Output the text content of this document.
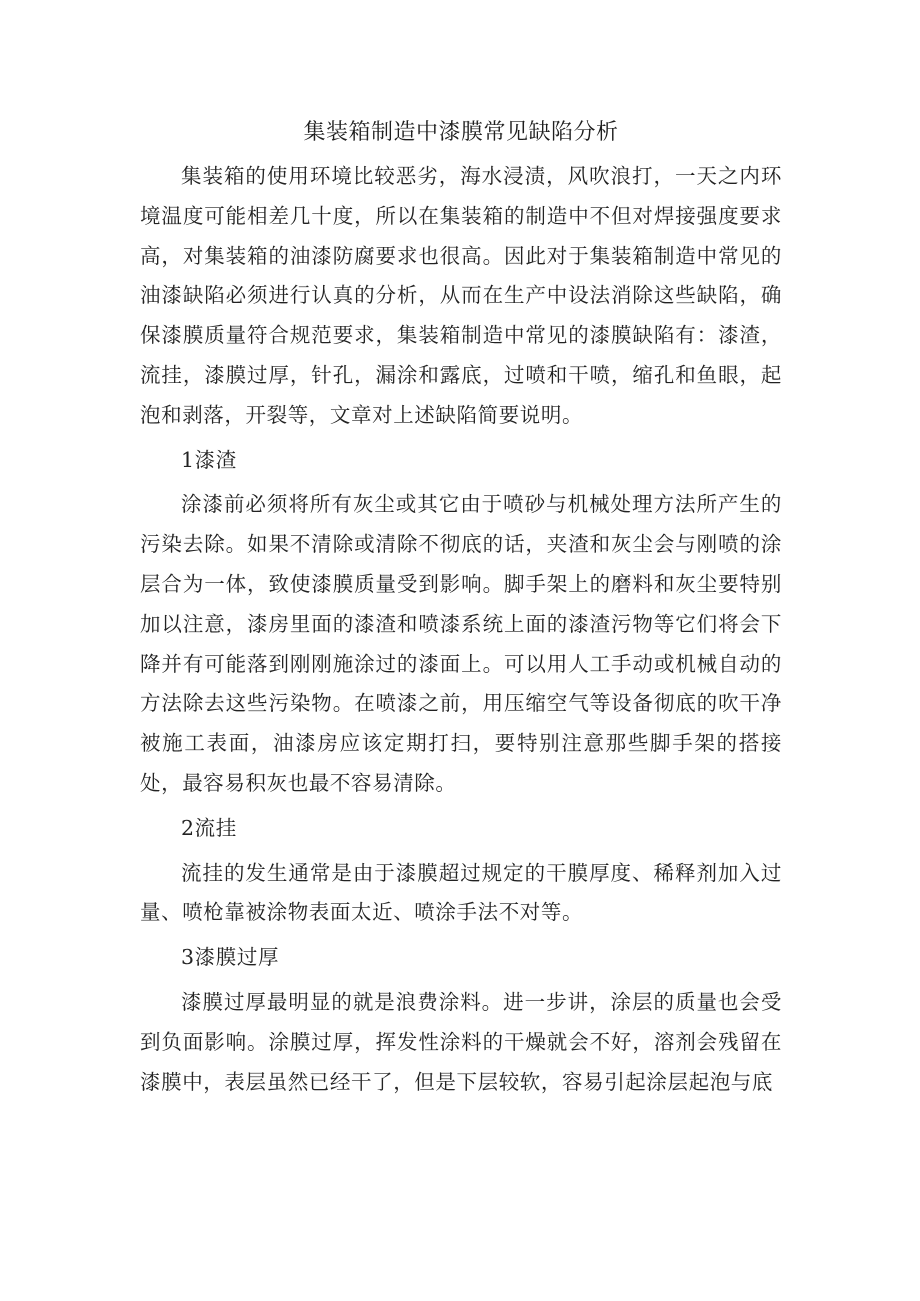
集装箱制造中漆膜常见缺陷分析

集装箱的使用环境比较恶劣，海水浸渍，风吹浪打，一天之内环境温度可能相差几十度，所以在集装箱的制造中不但对焊接强度要求高，对集装箱的油漆防腐要求也很高。因此对于集装箱制造中常见的油漆缺陷必须进行认真的分析，从而在生产中设法消除这些缺陷，确保漆膜质量符合规范要求，集装箱制造中常见的漆膜缺陷有：漆渣，流挂，漆膜过厚，针孔，漏涂和露底，过喷和干喷，缩孔和鱼眼，起泡和剥落，开裂等，文章对上述缺陷简要说明。

1漆渣

涂漆前必须将所有灰尘或其它由于喷砂与机械处理方法所产生的污染去除。如果不清除或清除不彻底的话，夹渣和灰尘会与刚喷的涂层合为一体，致使漆膜质量受到影响。脚手架上的磨料和灰尘要特别加以注意，漆房里面的漆渣和喷漆系统上面的漆渣污物等它们将会下降并有可能落到刚刚施涂过的漆面上。可以用人工手动或机械自动的方法除去这些污染物。在喷漆之前，用压缩空气等设备彻底的吹干净被施工表面，油漆房应该定期打扫，要特别注意那些脚手架的搭接处，最容易积灰也最不容易清除。

2流挂

流挂的发生通常是由于漆膜超过规定的干膜厚度、稀释剂加入过量、喷枪靠被涂物表面太近、喷涂手法不对等。

3漆膜过厚

漆膜过厚最明显的就是浪费涂料。进一步讲，涂层的质量也会受到负面影响。涂膜过厚，挥发性涂料的干燥就会不好，溶剂会残留在漆膜中，表层虽然已经干了，但是下层较软，容易引起涂层起泡与底
